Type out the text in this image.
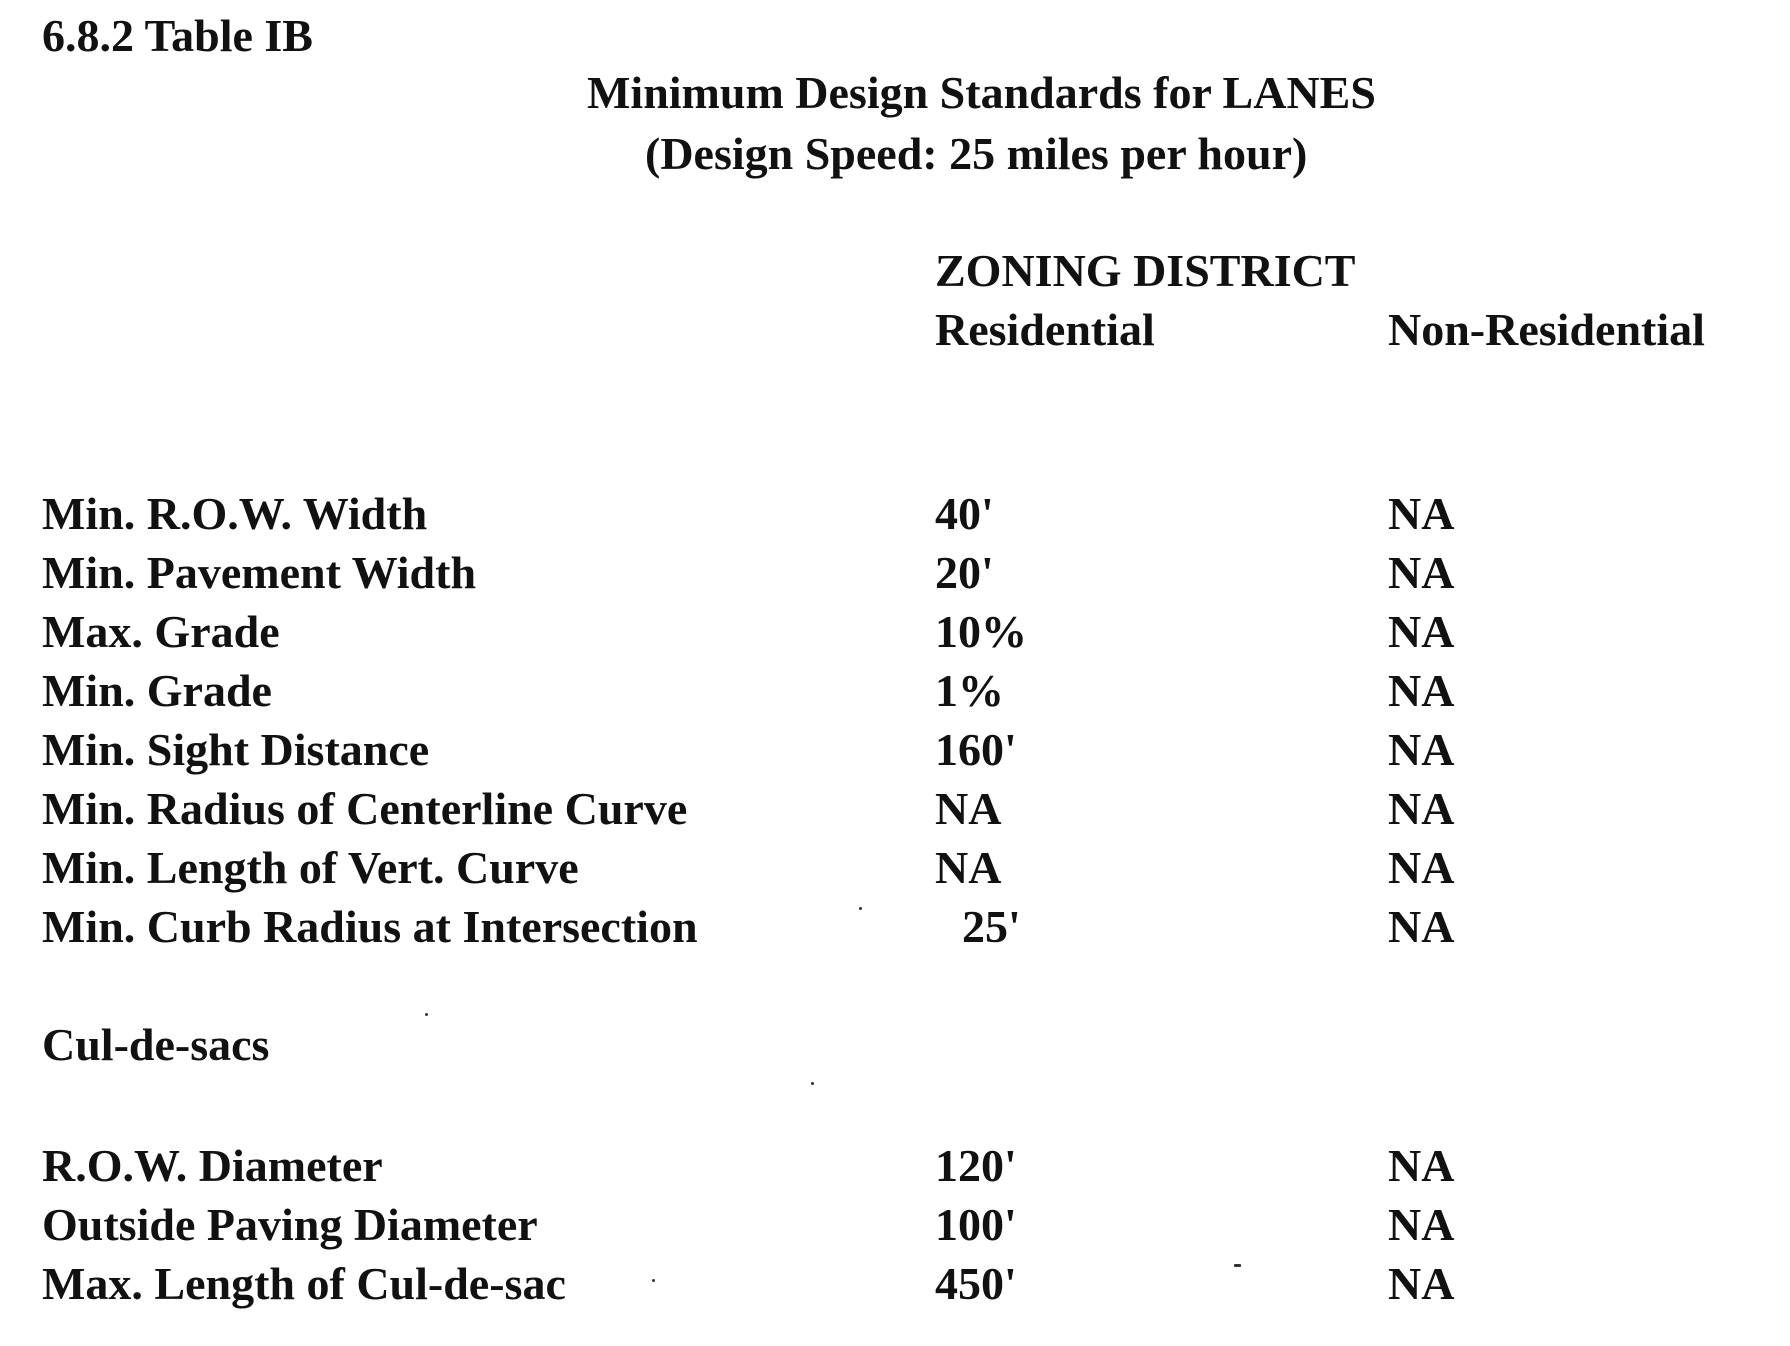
6.8.2 Table IB
Minimum Design Standards for LANES
(Design Speed: 25 miles per hour)
ZONING DISTRICT
Residential	Non-Residential
Min. R.O.W. Width	40'	NA
Min. Pavement Width	20'	NA
Max. Grade	10%	NA
Min. Grade	1%	NA
Min. Sight Distance	160'	NA
Min. Radius of Centerline Curve	NA	NA
Min. Length of Vert. Curve	NA	NA
Min. Curb Radius at Intersection	25'	NA
Cul-de-sacs
R.O.W. Diameter	120'	NA
Outside Paving Diameter	100'	NA
Max. Length of Cul-de-sac	450'	NA
